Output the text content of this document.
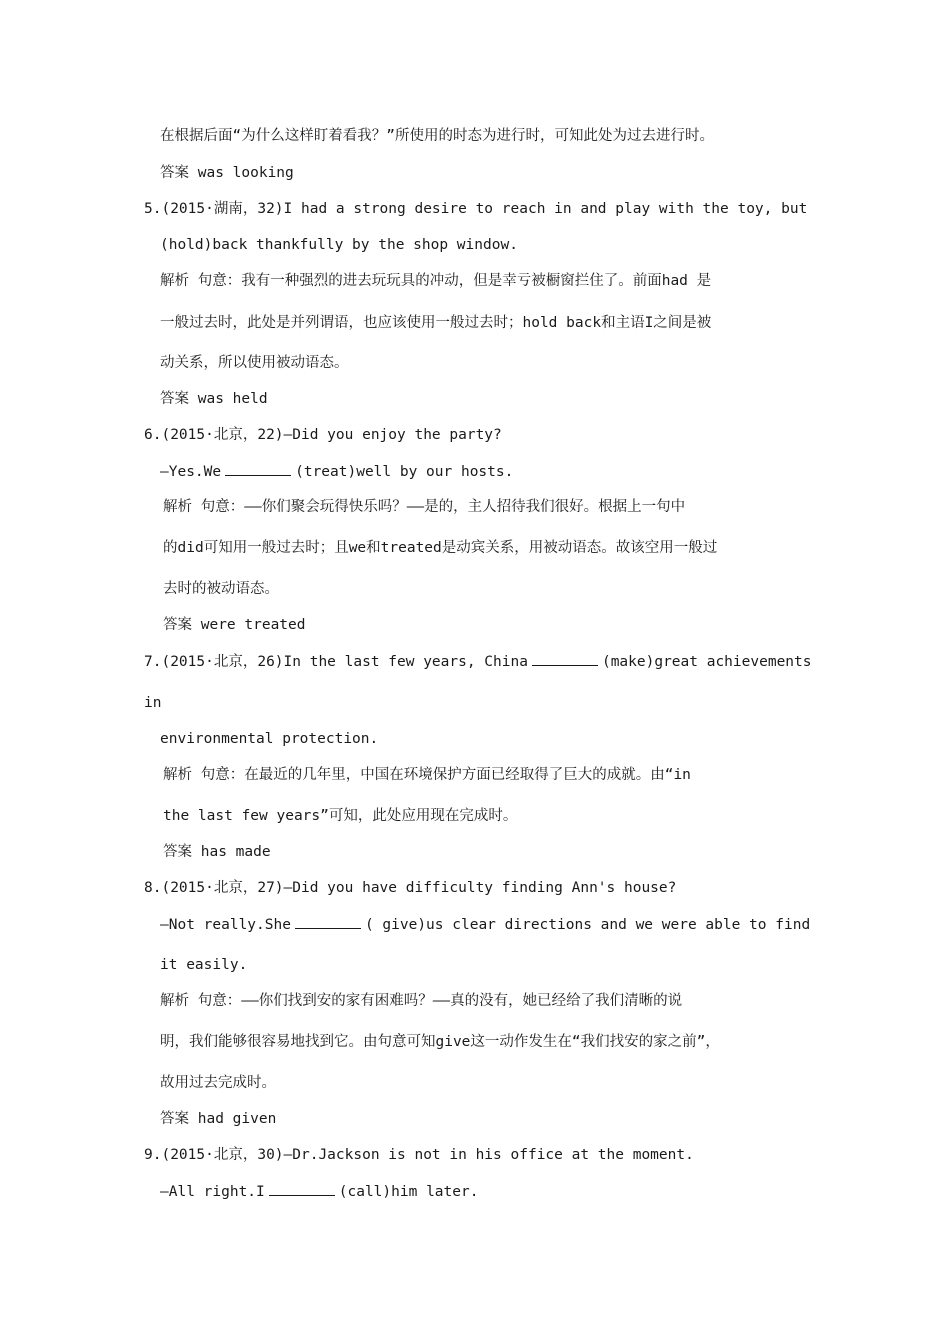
在根据后面“为什么这样盯着看我？”所使用的时态为进行时，可知此处为过去进行时。
答案 was looking
5.(2015·湖南，32)I had a strong desire to reach in and play with the toy, but
(hold)back thankfully by the shop window.
解析 句意：我有一种强烈的进去玩玩具的冲动，但是幸亏被橱窗拦住了。前面had 是
一般过去时，此处是并列谓语，也应该使用一般过去时；hold back和主语I之间是被
动关系，所以使用被动语态。
答案 was held
6.(2015·北京，22)—Did you enjoy the party?
—Yes.We	(treat)well by our hosts.
解析 句意：——你们聚会玩得快乐吗？——是的，主人招待我们很好。根据上一句中
的did可知用一般过去时；且we和treated是动宾关系，用被动语态。故该空用一般过
去时的被动语态。
答案 were treated
7.(2015·北京，26)In the last few years, China	(make)great achievements
in
environmental protection.
解析 句意：在最近的几年里，中国在环境保护方面已经取得了巨大的成就。由“in
the last few years”可知，此处应用现在完成时。
答案 has made
8.(2015·北京，27)—Did you have difficulty finding Ann's house?
—Not really.She	( give)us clear directions and we were able to find
it easily.
解析 句意：——你们找到安的家有困难吗？——真的没有，她已经给了我们清晰的说
明，我们能够很容易地找到它。由句意可知give这一动作发生在“我们找安的家之前”，
故用过去完成时。
答案 had given
9.(2015·北京，30)—Dr.Jackson is not in his office at the moment.
—All right.I	(call)him later.
